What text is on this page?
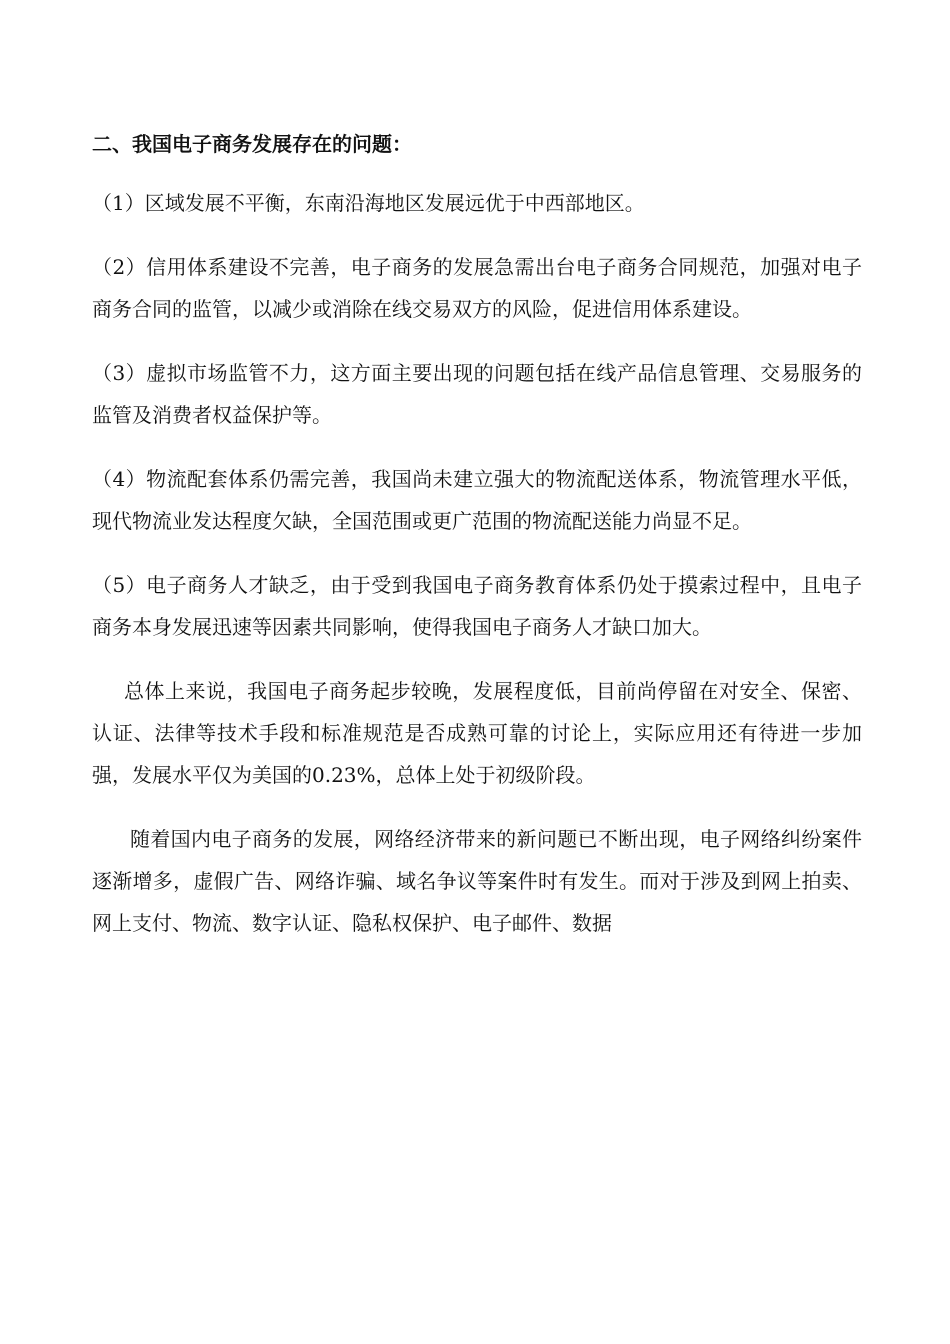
二、我国电子商务发展存在的问题：

（1）区域发展不平衡，东南沿海地区发展远优于中西部地区。

（2）信用体系建设不完善，电子商务的发展急需出台电子商务合同规范，加强对电子商务合同的监管，以减少或消除在线交易双方的风险，促进信用体系建设。

（3）虚拟市场监管不力，这方面主要出现的问题包括在线产品信息管理、交易服务的监管及消费者权益保护等。

（4）物流配套体系仍需完善，我国尚未建立强大的物流配送体系，物流管理水平低，现代物流业发达程度欠缺，全国范围或更广范围的物流配送能力尚显不足。

（5）电子商务人才缺乏，由于受到我国电子商务教育体系仍处于摸索过程中，且电子商务本身发展迅速等因素共同影响，使得我国电子商务人才缺口加大。

总体上来说，我国电子商务起步较晚，发展程度低，目前尚停留在对安全、保密、认证、法律等技术手段和标准规范是否成熟可靠的讨论上，实际应用还有待进一步加强，发展水平仅为美国的0.23%，总体上处于初级阶段。

随着国内电子商务的发展，网络经济带来的新问题已不断出现，电子网络纠纷案件逐渐增多，虚假广告、网络诈骗、域名争议等案件时有发生。而对于涉及到网上拍卖、网上支付、物流、数字认证、隐私权保护、电子邮件、数据
